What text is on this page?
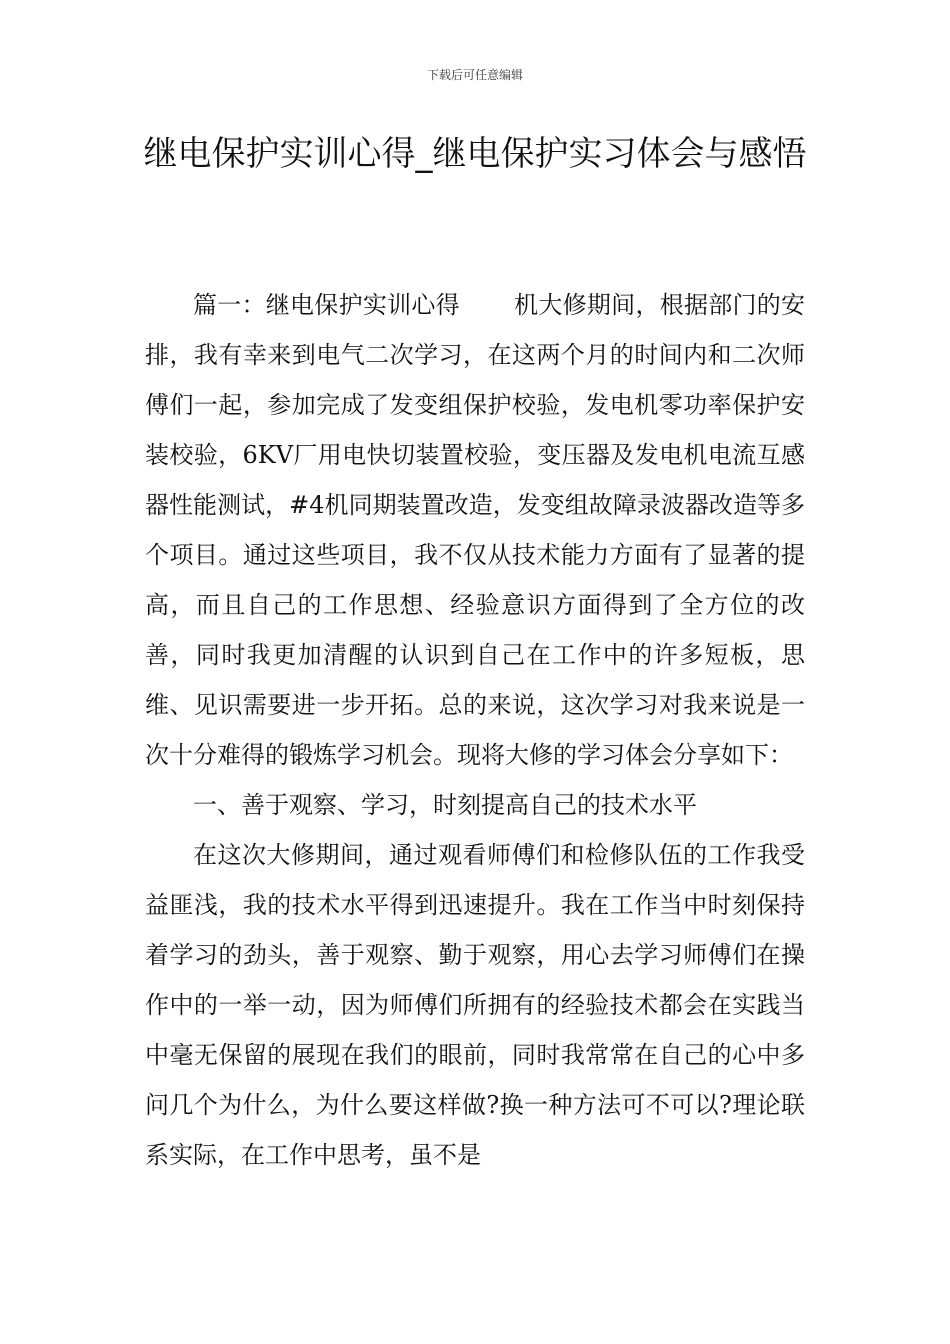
下载后可任意编辑
继电保护实训心得_继电保护实习体会与感悟

篇一：继电保护实训心得 机大修期间，根据部门的安排，我有幸来到电气二次学习，在这两个月的时间内和二次师傅们一起，参加完成了发变组保护校验，发电机零功率保护安装校验，6KV厂用电快切装置校验，变压器及发电机电流互感器性能测试，#4机同期装置改造，发变组故障录波器改造等多个项目。通过这些项目，我不仅从技术能力方面有了显著的提高，而且自己的工作思想、经验意识方面得到了全方位的改善，同时我更加清醒的认识到自己在工作中的许多短板，思维、见识需要进一步开拓。总的来说，这次学习对我来说是一次十分难得的锻炼学习机会。现将大修的学习体会分享如下：

一、善于观察、学习，时刻提高自己的技术水平

在这次大修期间，通过观看师傅们和检修队伍的工作我受益匪浅，我的技术水平得到迅速提升。我在工作当中时刻保持着学习的劲头，善于观察、勤于观察，用心去学习师傅们在操作中的一举一动，因为师傅们所拥有的经验技术都会在实践当中毫无保留的展现在我们的眼前，同时我常常在自己的心中多问几个为什么，为什么要这样做?换一种方法可不可以?理论联系实际，在工作中思考，虽不是
